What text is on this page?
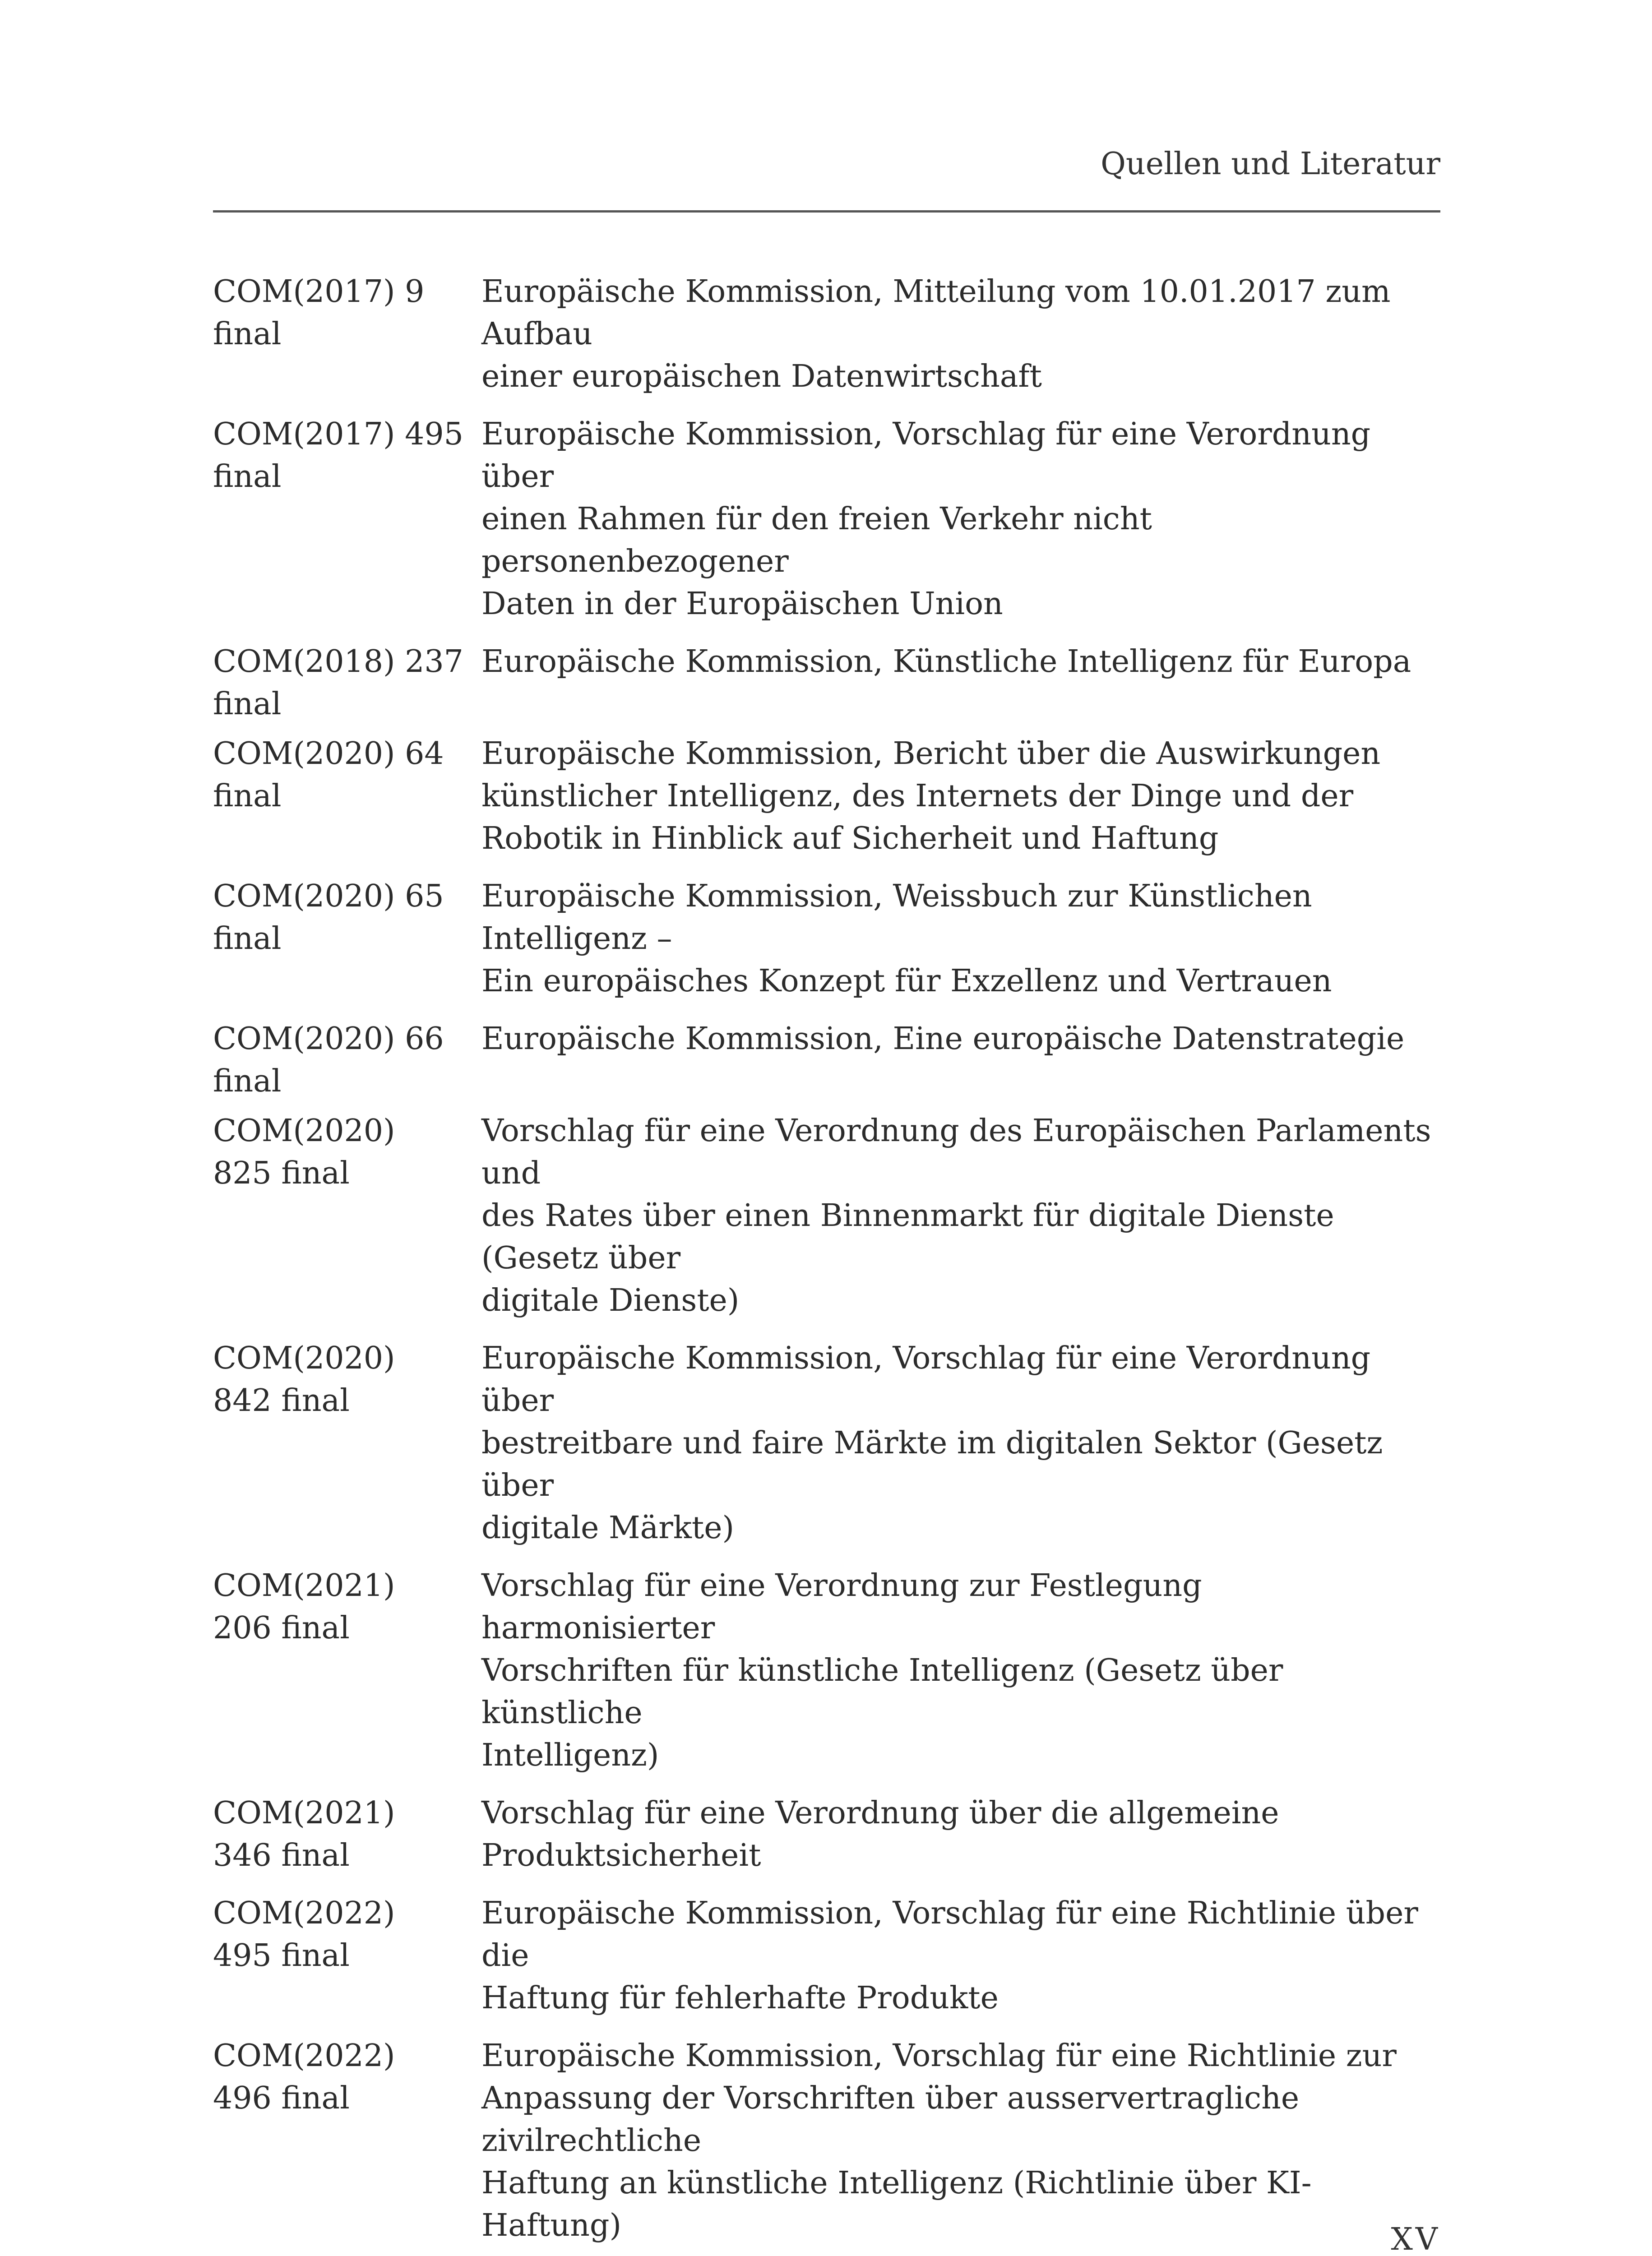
Quellen und Literatur
COM(2017) 9
final
Europäische Kommission, Mitteilung vom 10.01.2017 zum Aufbau
einer europäischen Datenwirtschaft
COM(2017) 495
final
Europäische Kommission, Vorschlag für eine Verordnung über
einen Rahmen für den freien Verkehr nicht personenbezogener
Daten in der Europäischen Union
COM(2018) 237
final
Europäische Kommission, Künstliche Intelligenz für Europa
COM(2020) 64
final
Europäische Kommission, Bericht über die Auswirkungen
künstlicher Intelligenz, des Internets der Dinge und der
Robotik in Hinblick auf Sicherheit und Haftung
COM(2020) 65
final
Europäische Kommission, Weissbuch zur Künstlichen Intelligenz –
Ein europäisches Konzept für Exzellenz und Vertrauen
COM(2020) 66
final
Europäische Kommission, Eine europäische Datenstrategie
COM(2020)
825 final
Vorschlag für eine Verordnung des Europäischen Parlaments und
des Rates über einen Binnenmarkt für digitale Dienste (Gesetz über
digitale Dienste)
COM(2020)
842 final
Europäische Kommission, Vorschlag für eine Verordnung über
bestreitbare und faire Märkte im digitalen Sektor (Gesetz über
digitale Märkte)
COM(2021)
206 final
Vorschlag für eine Verordnung zur Festlegung harmonisierter
Vorschriften für künstliche Intelligenz (Gesetz über künstliche
Intelligenz)
COM(2021)
346 final
Vorschlag für eine Verordnung über die allgemeine
Produktsicherheit
COM(2022)
495 final
Europäische Kommission, Vorschlag für eine Richtlinie über die
Haftung für fehlerhafte Produkte
COM(2022)
496 final
Europäische Kommission, Vorschlag für eine Richtlinie zur
Anpassung der Vorschriften über ausservertragliche zivilrechtliche
Haftung an künstliche Intelligenz (Richtlinie über KI-Haftung)	XV
